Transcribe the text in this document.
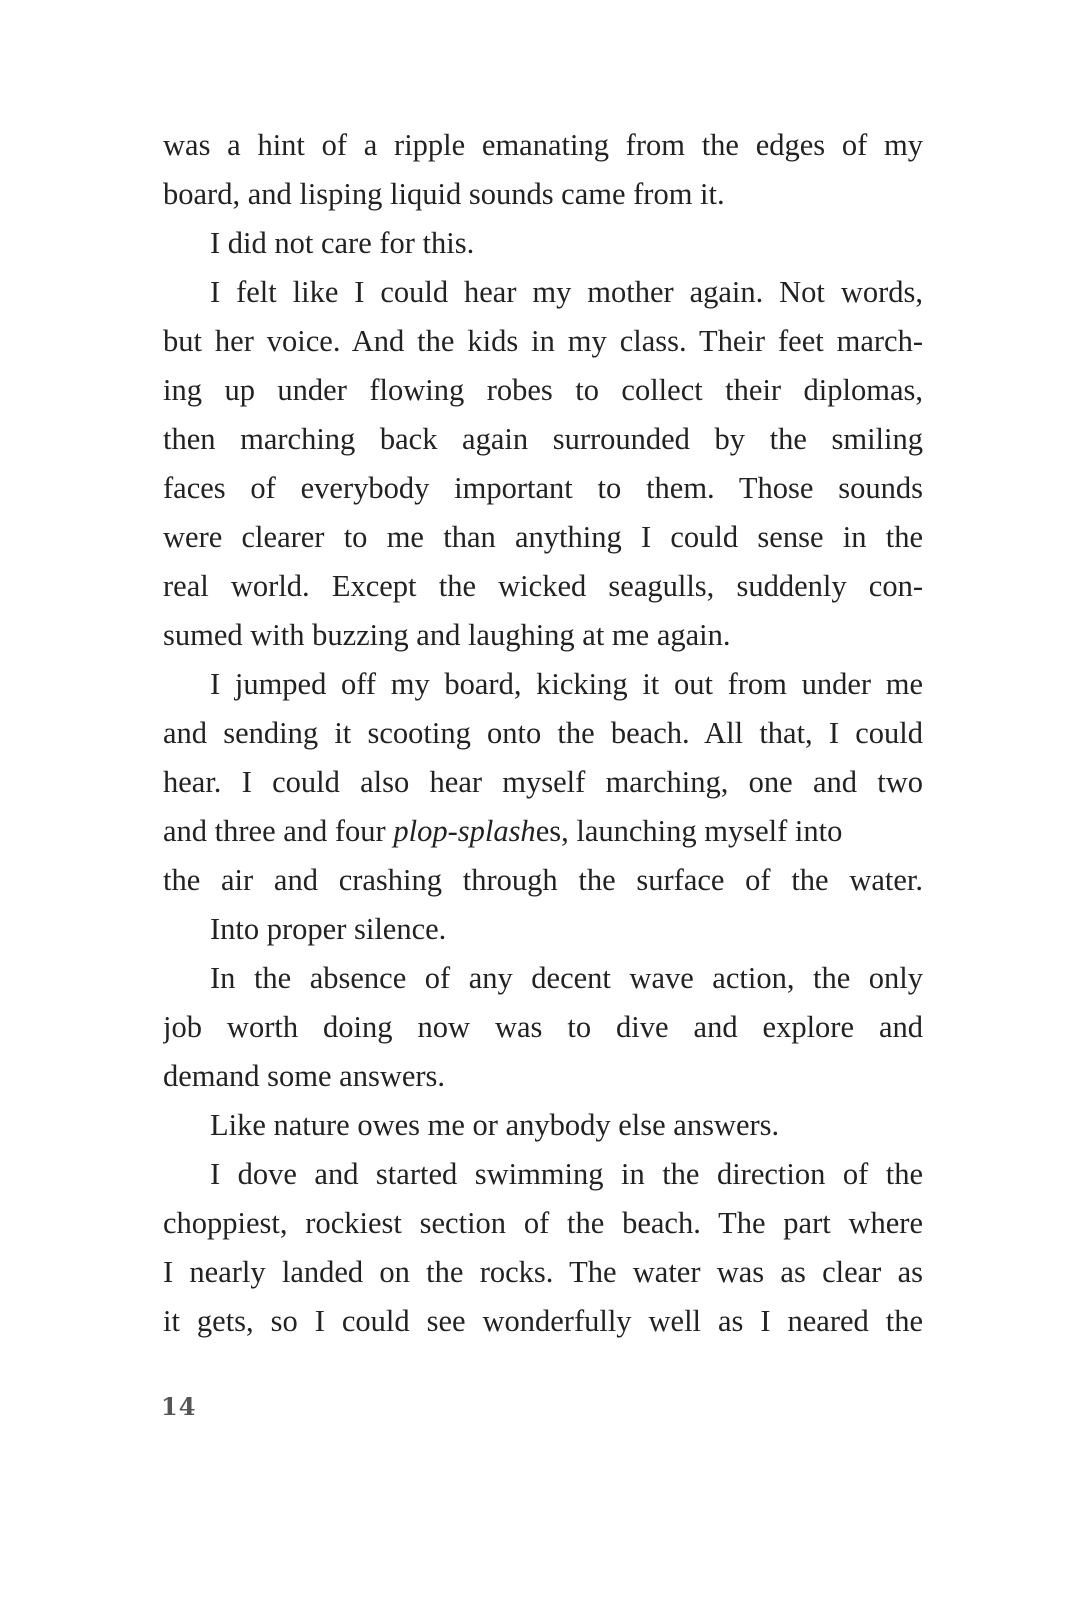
was a hint of a ripple emanating from the edges of my
board, and lisping liquid sounds came from it.
I did not care for this.
I felt like I could hear my mother again. Not words,
but her voice. And the kids in my class. Their feet march-
ing up under flowing robes to collect their diplomas,
then marching back again surrounded by the smiling
faces of everybody important to them. Those sounds
were clearer to me than anything I could sense in the
real world. Except the wicked seagulls, suddenly con-
sumed with buzzing and laughing at me again.
I jumped off my board, kicking it out from under me
and sending it scooting onto the beach. All that, I could
hear. I could also hear myself marching, one and two
and three and four plop-splashes, launching myself into
the air and crashing through the surface of the water.
Into proper silence.
In the absence of any decent wave action, the only
job worth doing now was to dive and explore and
demand some answers.
Like nature owes me or anybody else answers.
I dove and started swimming in the direction of the
choppiest, rockiest section of the beach. The part where
I nearly landed on the rocks. The water was as clear as
it gets, so I could see wonderfully well as I neared the
14
